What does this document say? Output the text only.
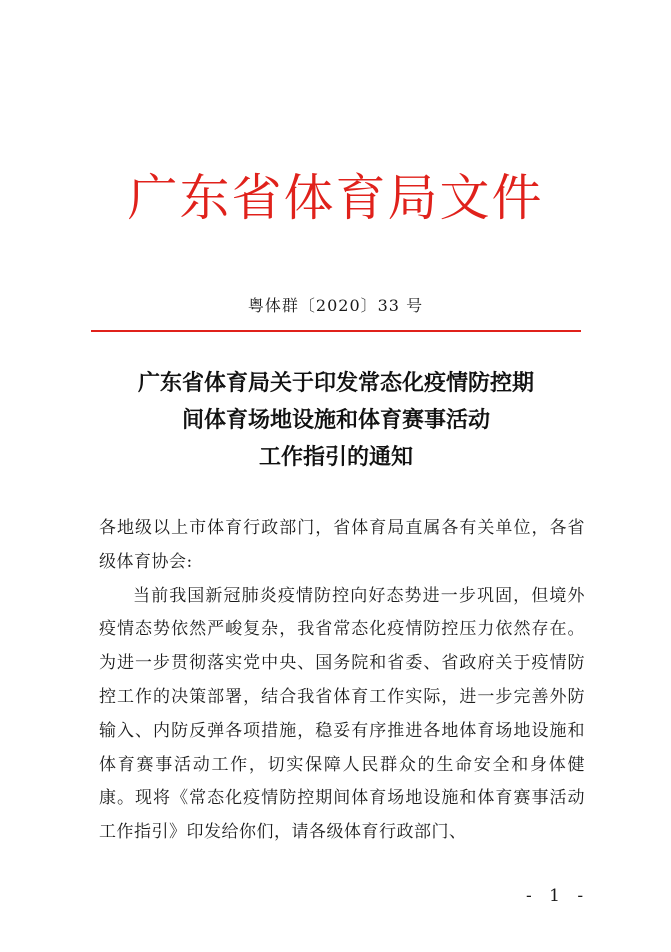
广东省体育局文件
粤体群〔2020〕33 号
广东省体育局关于印发常态化疫情防控期
间体育场地设施和体育赛事活动
工作指引的通知

各地级以上市体育行政部门，省体育局直属各有关单位，各省级体育协会:

当前我国新冠肺炎疫情防控向好态势进一步巩固，但境外疫情态势依然严峻复杂，我省常态化疫情防控压力依然存在。为进一步贯彻落实党中央、国务院和省委、省政府关于疫情防控工作的决策部署，结合我省体育工作实际，进一步完善外防输入、内防反弹各项措施，稳妥有序推进各地体育场地设施和体育赛事活动工作，切实保障人民群众的生命安全和身体健康。现将《常态化疫情防控期间体育场地设施和体育赛事活动工作指引》印发给你们，请各级体育行政部门、

- 1 -
